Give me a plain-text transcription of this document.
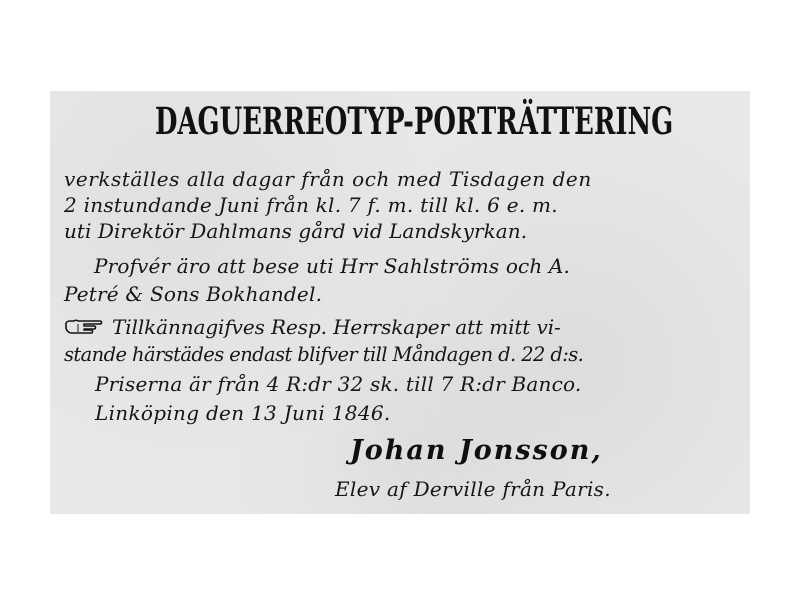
DAGUERREOTYP-PORTRÄTTERING
verkställes alla dagar från och med Tisdagen den
2 instundande Juni från kl. 7 f. m. till kl. 6 e. m.
uti Direktör Dahlmans gård vid Landskyrkan.
Profvér äro att bese uti Hrr Sahlströms och A.
Petré & Sons Bokhandel.
Tillkännagifves Resp. Herrskaper att mitt vi-
stande härstädes endast blifver till Måndagen d. 22 d:s.
Priserna är från 4 R:dr 32 sk. till 7 R:dr Banco.
Linköping den 13 Juni 1846.
Johan Jonsson,
Elev af Derville från Paris.
